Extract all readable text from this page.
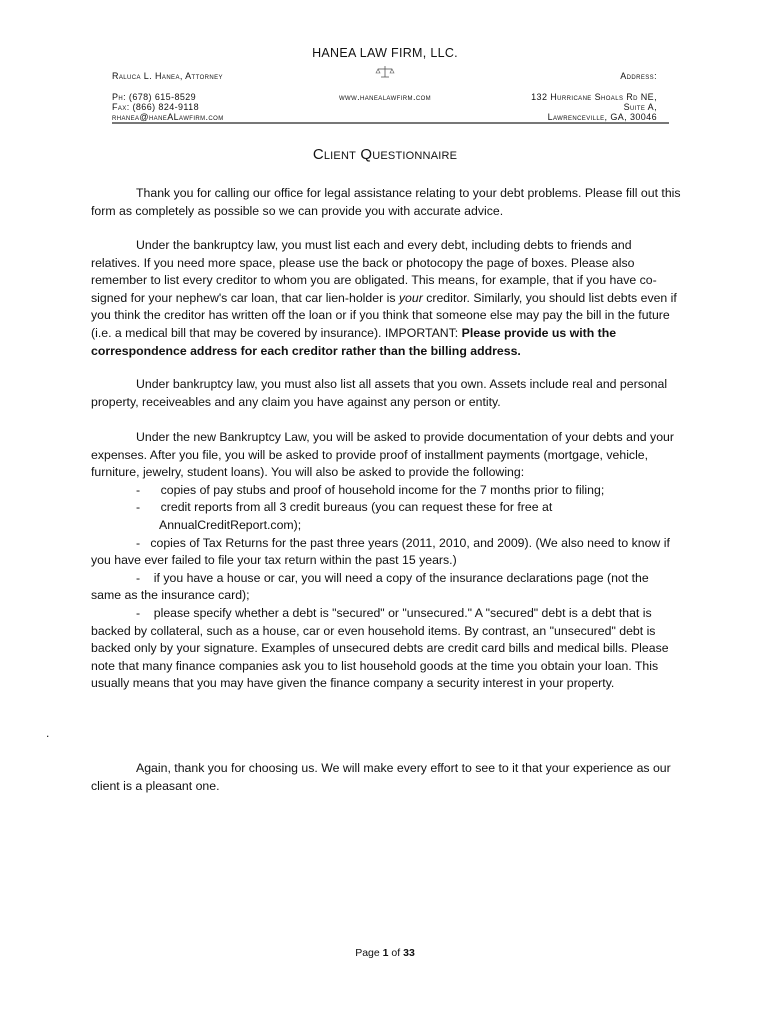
HANEA LAW FIRM, LLC.
Raluca L. Hanea, Attorney	Address:
Ph: (678) 615-8529	www.hanealawfirm.com	132 Hurricane Shoals Rd NE,
Fax: (866) 824-9118	Suite A,
rhanea@haneALawfirm.com	Lawrenceville, GA, 30046
Client Questionnaire

Thank you for calling our office for legal assistance relating to your debt problems. Please fill out this form as completely as possible so we can provide you with accurate advice.

Under the bankruptcy law, you must list each and every debt, including debts to friends and relatives. If you need more space, please use the back or photocopy the page of boxes. Please also remember to list every creditor to whom you are obligated. This means, for example, that if you have co-signed for your nephew's car loan, that car lien-holder is your creditor. Similarly, you should list debts even if you think the creditor has written off the loan or if you think that someone else may pay the bill in the future (i.e. a medical bill that may be covered by insurance). IMPORTANT: Please provide us with the correspondence address for each creditor rather than the billing address.

Under bankruptcy law, you must also list all assets that you own. Assets include real and personal property, receiveables and any claim you have against any person or entity.

Under the new Bankruptcy Law, you will be asked to provide documentation of your debts and your expenses. After you file, you will be asked to provide proof of installment payments (mortgage, vehicle, furniture, jewelry, student loans). You will also be asked to provide the following:

-      copies of pay stubs and proof of household income for the 7 months prior to filing;
-      credit reports from all 3 credit bureaus (you can request these for free at
AnnualCreditReport.com);

-   copies of Tax Returns for the past three years (2011, 2010, and 2009). (We also need to know if you have ever failed to file your tax return within the past 15 years.)

-    if you have a house or car, you will need a copy of the insurance declarations page (not the same as the insurance card);

-    please specify whether a debt is "secured" or "unsecured." A "secured" debt is a debt that is backed by collateral, such as a house, car or even household items. By contrast, an "unsecured" debt is backed only by your signature. Examples of unsecured debts are credit card bills and medical bills. Please note that many finance companies ask you to list household goods at the time you obtain your loan. This usually means that you may have given the finance company a security interest in your property.

.

Again, thank you for choosing us. We will make every effort to see to it that your experience as our client is a pleasant one.

Page 1 of 33
